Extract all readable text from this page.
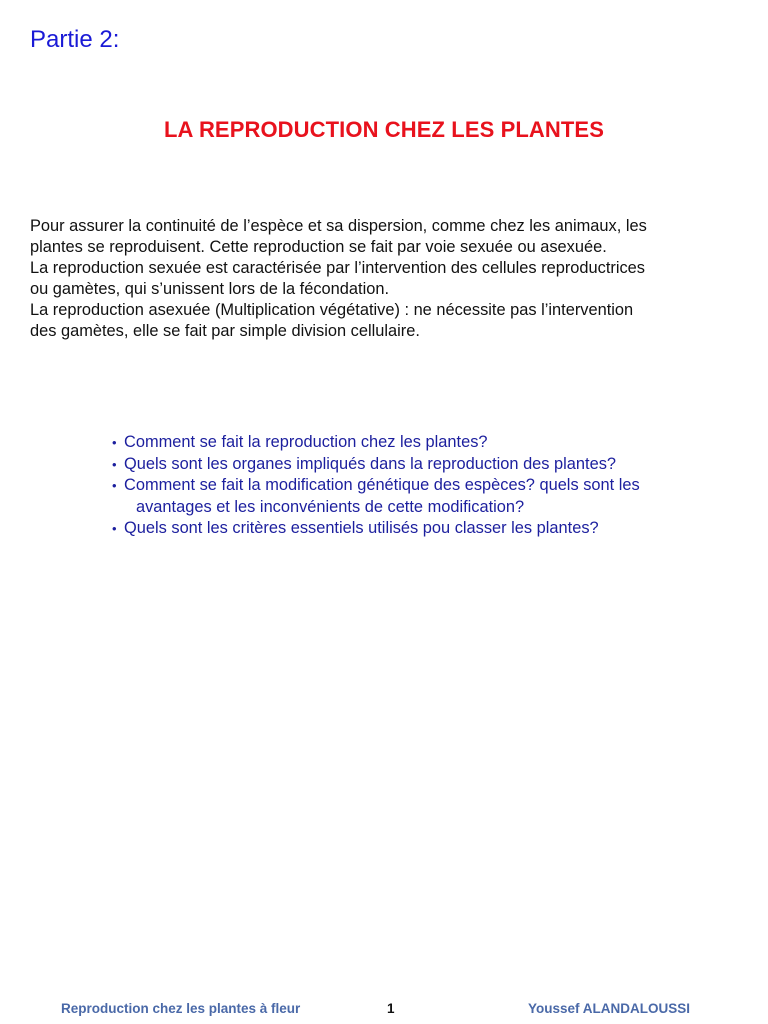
Partie 2:
LA REPRODUCTION CHEZ LES PLANTES
Pour assurer la continuité de l’espèce et sa dispersion, comme chez les animaux, les
plantes se reproduisent. Cette reproduction se fait par voie sexuée ou asexuée.
La reproduction sexuée est caractérisée par l’intervention des cellules reproductrices
ou gamètes, qui s’unissent lors de la fécondation.
La reproduction asexuée (Multiplication végétative) : ne nécessite pas l’intervention
des gamètes, elle se fait par simple division cellulaire.
• Comment se fait la reproduction chez les plantes?
• Quels sont les organes impliqués dans la reproduction des plantes?
• Comment se fait la modification génétique des espèces? quels sont les
avantages et les inconvénients de cette modification?
• Quels sont les critères essentiels utilisés pou classer les plantes?
Reproduction chez les plantes à fleur	1	Youssef ALANDALOUSSI
